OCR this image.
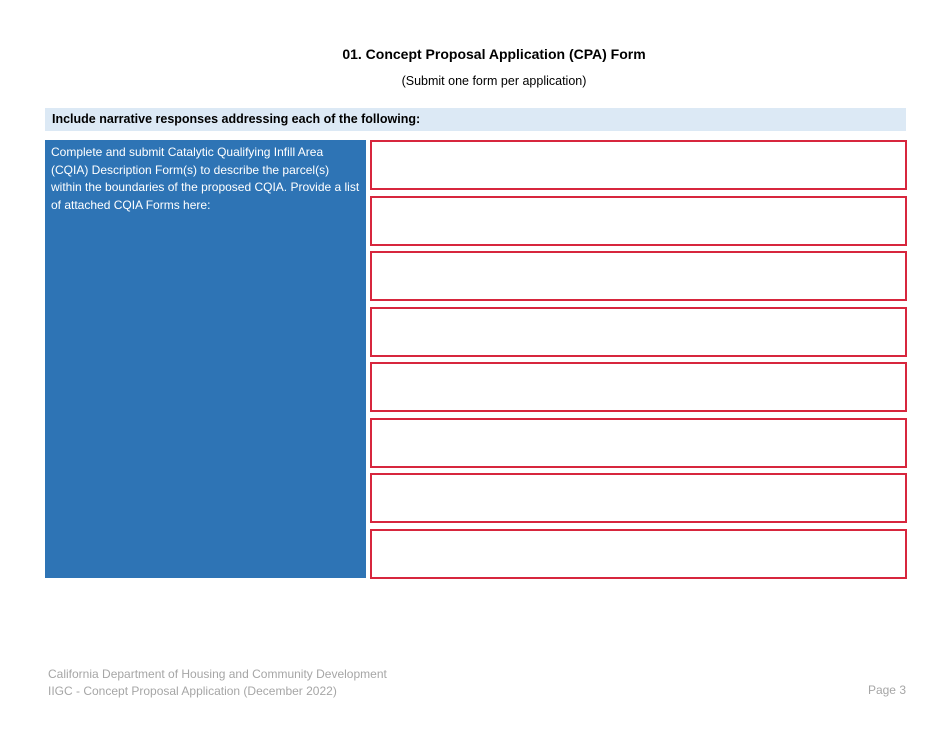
01. Concept Proposal Application (CPA) Form
(Submit one form per application)
Include narrative responses addressing each of the following:
Complete and submit Catalytic Qualifying Infill Area (CQIA) Description Form(s) to describe the parcel(s) within the boundaries of the proposed CQIA. Provide a list of attached CQIA Forms here:
California Department of Housing and Community Development
IIGC - Concept Proposal Application (December 2022)	Page 3
